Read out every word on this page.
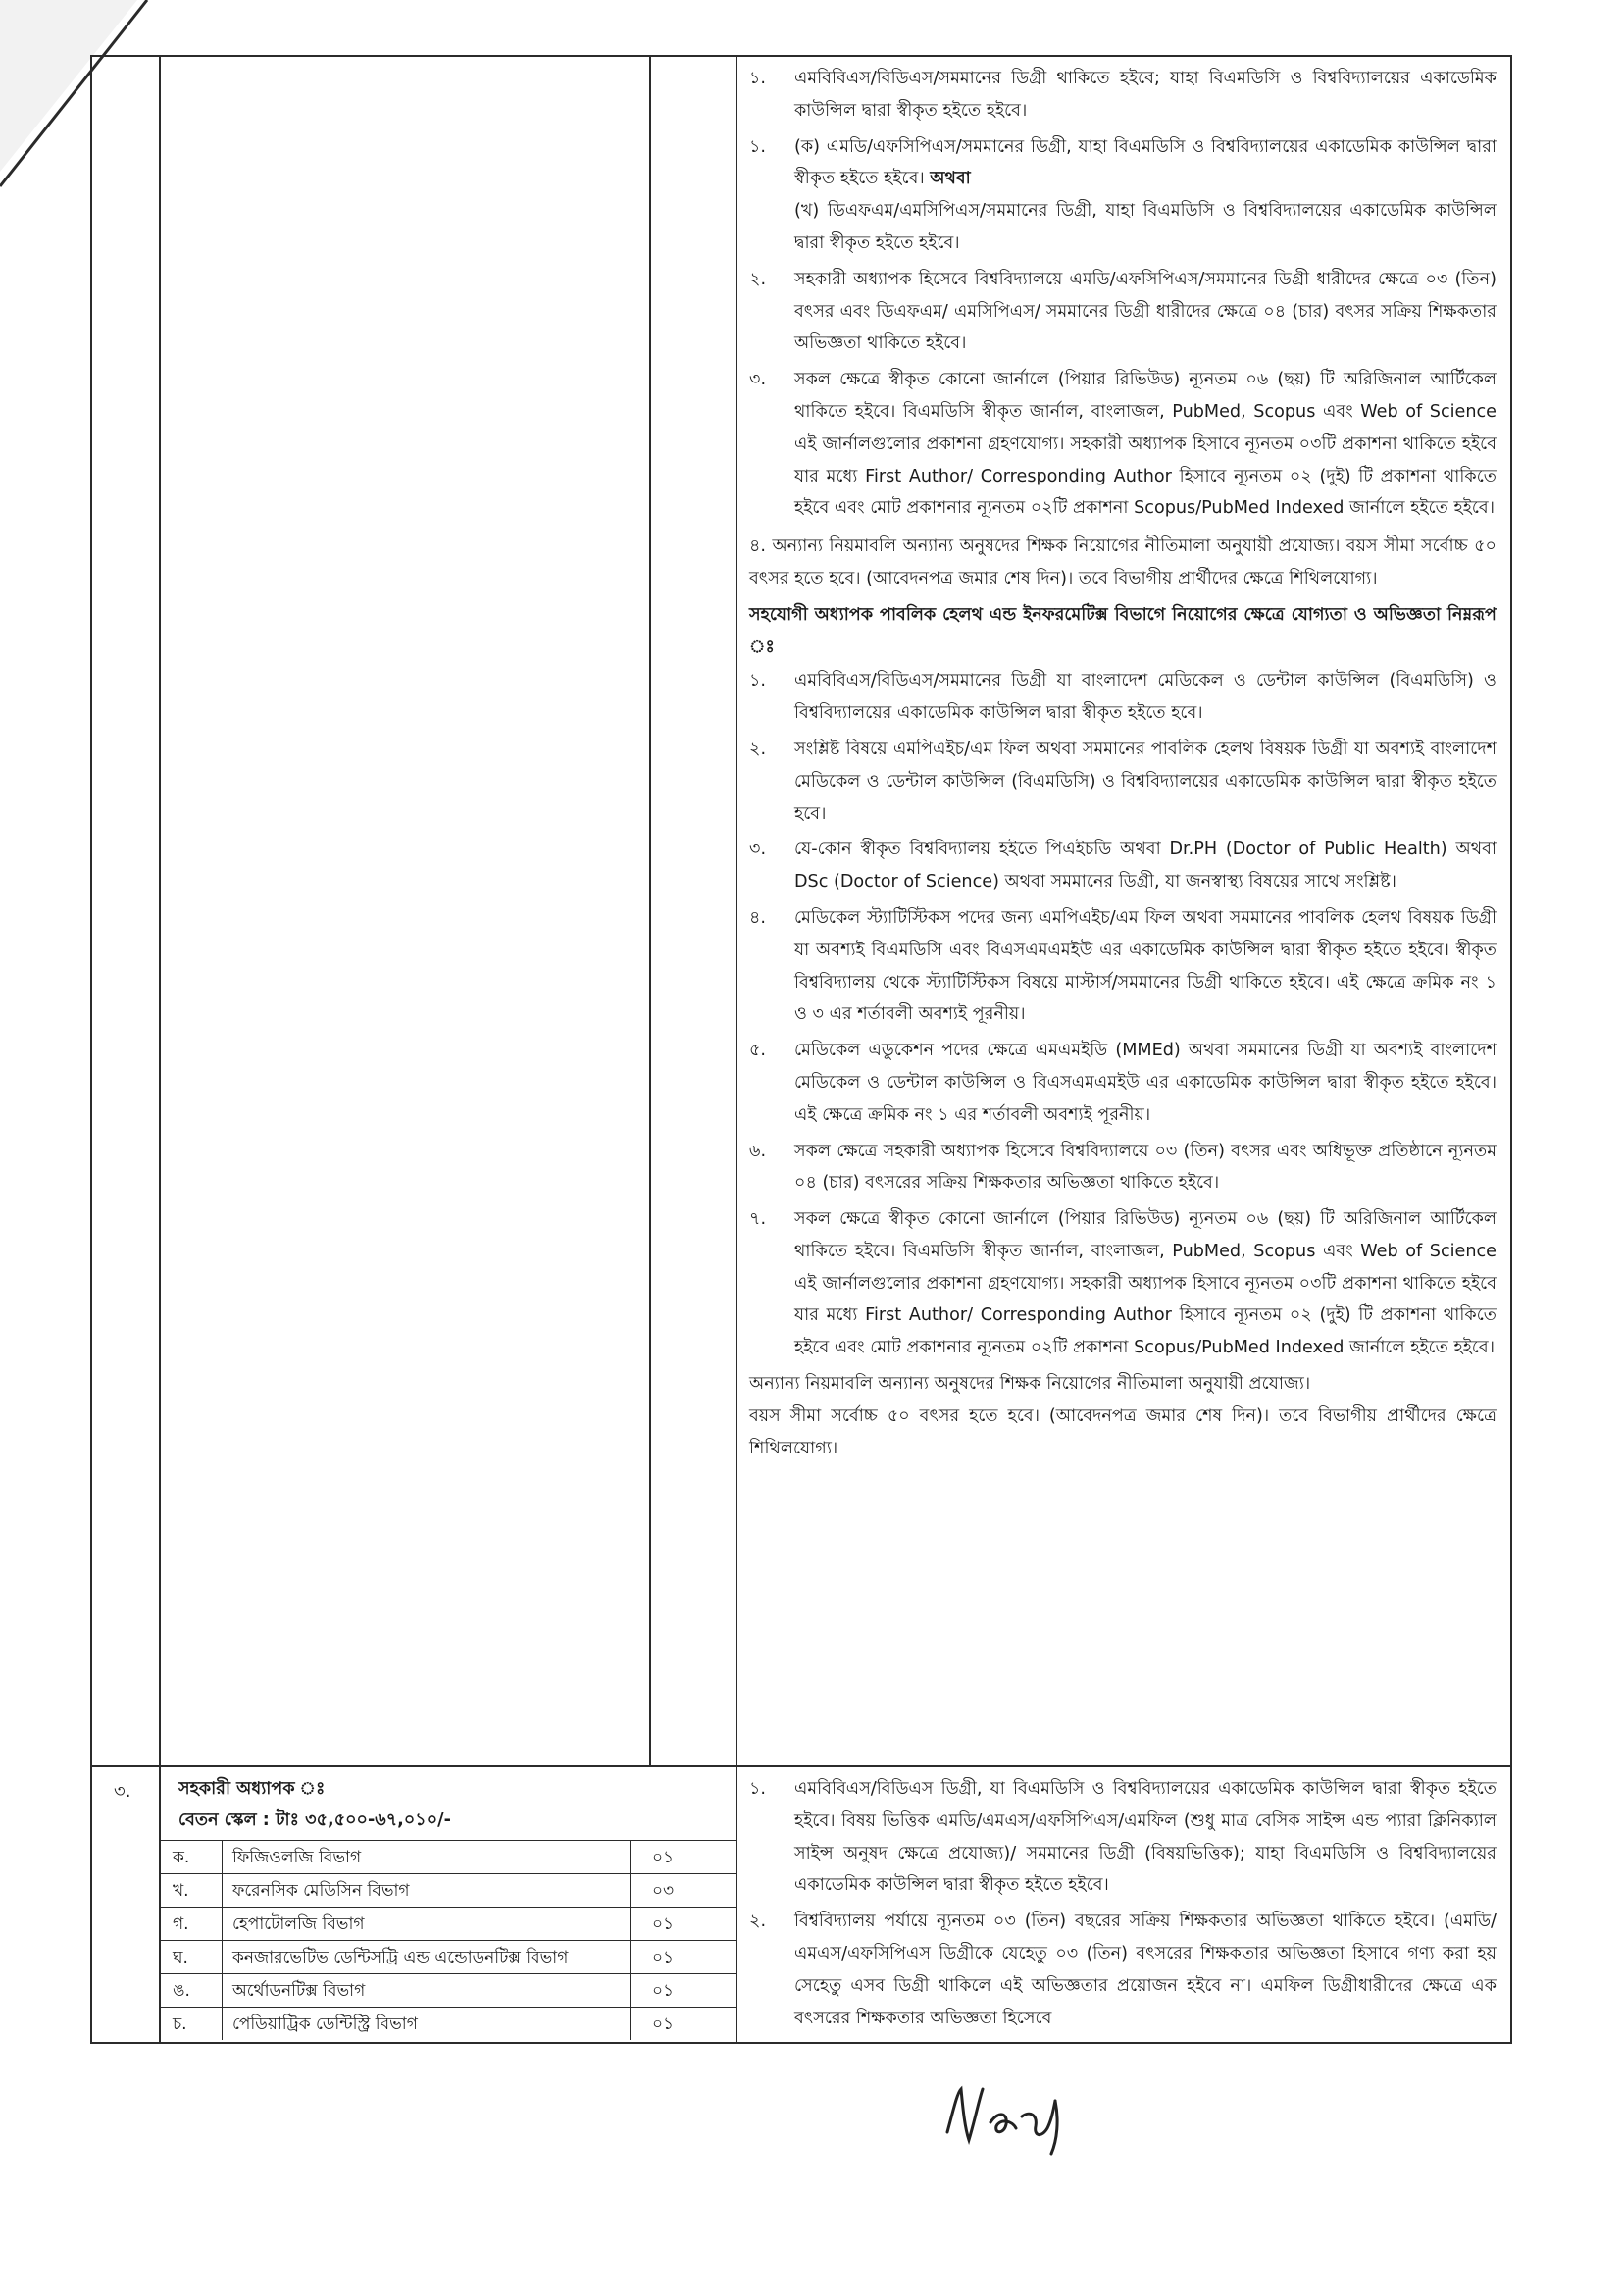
১.	এমবিবিএস/বিডিএস/সমমানের ডিগ্রী থাকিতে হইবে; যাহা বিএমডিসি ও বিশ্ববিদ্যালয়ের একাডেমিক কাউন্সিল দ্বারা স্বীকৃত হইতে হইবে।
১.	(ক) এমডি/এফসিপিএস/সমমানের ডিগ্রী, যাহা বিএমডিসি ও বিশ্ববিদ্যালয়ের একাডেমিক কাউন্সিল দ্বারা স্বীকৃত হইতে হইবে। অথবা
(খ) ডিএফএম/এমসিপিএস/সমমানের ডিগ্রী, যাহা বিএমডিসি ও বিশ্ববিদ্যালয়ের একাডেমিক কাউন্সিল দ্বারা স্বীকৃত হইতে হইবে।
২.	সহকারী অধ্যাপক হিসেবে বিশ্ববিদ্যালয়ে এমডি/এফসিপিএস/সমমানের ডিগ্রী ধারীদের ক্ষেত্রে ০৩ (তিন) বৎসর এবং ডিএফএম/ এমসিপিএস/ সমমানের ডিগ্রী ধারীদের ক্ষেত্রে ০৪ (চার) বৎসর সক্রিয় শিক্ষকতার অভিজ্ঞতা থাকিতে হইবে।
৩.	সকল ক্ষেত্রে স্বীকৃত কোনো জার্নালে (পিয়ার রিভিউড) ন্যূনতম ০৬ (ছয়) টি অরিজিনাল আর্টিকেল থাকিতে হইবে। বিএমডিসি স্বীকৃত জার্নাল, বাংলাজল, PubMed, Scopus এবং Web of Science এই জার্নালগুলোর প্রকাশনা গ্রহণযোগ্য। সহকারী অধ্যাপক হিসাবে ন্যূনতম ০৩টি প্রকাশনা থাকিতে হইবে যার মধ্যে First Author/ Corresponding Author হিসাবে ন্যূনতম ০২ (দুই) টি প্রকাশনা থাকিতে হইবে এবং মোট প্রকাশনার ন্যূনতম ০২টি প্রকাশনা Scopus/PubMed Indexed জার্নালে হইতে হইবে।
৪. অন্যান্য নিয়মাবলি অন্যান্য অনুষদের শিক্ষক নিয়োগের নীতিমালা অনুযায়ী প্রযোজ্য। বয়স সীমা সর্বোচ্চ ৫০ বৎসর হতে হবে। (আবেদনপত্র জমার শেষ দিন)। তবে বিভাগীয় প্রার্থীদের ক্ষেত্রে শিথিলযোগ্য।
সহযোগী অধ্যাপক পাবলিক হেলথ এন্ড ইনফরমেটিক্স বিভাগে নিয়োগের ক্ষেত্রে যোগ্যতা ও অভিজ্ঞতা নিম্নরূপ ঃ
১.	এমবিবিএস/বিডিএস/সমমানের ডিগ্রী যা বাংলাদেশ মেডিকেল ও ডেন্টাল কাউন্সিল (বিএমডিসি) ও বিশ্ববিদ্যালয়ের একাডেমিক কাউন্সিল দ্বারা স্বীকৃত হইতে হবে।
২.	সংশ্লিষ্ট বিষয়ে এমপিএইচ/এম ফিল অথবা সমমানের পাবলিক হেলথ বিষয়ক ডিগ্রী যা অবশ্যই বাংলাদেশ মেডিকেল ও ডেন্টাল কাউন্সিল (বিএমডিসি) ও বিশ্ববিদ্যালয়ের একাডেমিক কাউন্সিল দ্বারা স্বীকৃত হইতে হবে।
৩.	যে-কোন স্বীকৃত বিশ্ববিদ্যালয় হইতে পিএইচডি অথবা Dr.PH (Doctor of Public Health) অথবা DSc (Doctor of Science) অথবা সমমানের ডিগ্রী, যা জনস্বাস্থ্য বিষয়ের সাথে সংশ্লিষ্ট।
৪.	মেডিকেল স্ট্যাটিস্টিকস পদের জন্য এমপিএইচ/এম ফিল অথবা সমমানের পাবলিক হেলথ বিষয়ক ডিগ্রী যা অবশ্যই বিএমডিসি এবং বিএসএমএমইউ এর একাডেমিক কাউন্সিল দ্বারা স্বীকৃত হইতে হইবে। স্বীকৃত বিশ্ববিদ্যালয় থেকে স্ট্যাটিস্টিকস বিষয়ে মাস্টার্স/সমমানের ডিগ্রী থাকিতে হইবে। এই ক্ষেত্রে ক্রমিক নং ১ ও ৩ এর শর্তাবলী অবশ্যই পূরনীয়।
৫.	মেডিকেল এডুকেশন পদের ক্ষেত্রে এমএমইডি (MMEd) অথবা সমমানের ডিগ্রী যা অবশ্যই বাংলাদেশ মেডিকেল ও ডেন্টাল কাউন্সিল ও বিএসএমএমইউ এর একাডেমিক কাউন্সিল দ্বারা স্বীকৃত হইতে হইবে। এই ক্ষেত্রে ক্রমিক নং ১ এর শর্তাবলী অবশ্যই পূরনীয়।
৬.	সকল ক্ষেত্রে সহকারী অধ্যাপক হিসেবে বিশ্ববিদ্যালয়ে ০৩ (তিন) বৎসর এবং অধিভূক্ত প্রতিষ্ঠানে ন্যূনতম ০৪ (চার) বৎসরের সক্রিয় শিক্ষকতার অভিজ্ঞতা থাকিতে হইবে।
৭.	সকল ক্ষেত্রে স্বীকৃত কোনো জার্নালে (পিয়ার রিভিউড) ন্যূনতম ০৬ (ছয়) টি অরিজিনাল আর্টিকেল থাকিতে হইবে। বিএমডিসি স্বীকৃত জার্নাল, বাংলাজল, PubMed, Scopus এবং Web of Science এই জার্নালগুলোর প্রকাশনা গ্রহণযোগ্য। সহকারী অধ্যাপক হিসাবে ন্যূনতম ০৩টি প্রকাশনা থাকিতে হইবে যার মধ্যে First Author/ Corresponding Author হিসাবে ন্যূনতম ০২ (দুই) টি প্রকাশনা থাকিতে হইবে এবং মোট প্রকাশনার ন্যূনতম ০২টি প্রকাশনা Scopus/PubMed Indexed জার্নালে হইতে হইবে।
অন্যান্য নিয়মাবলি অন্যান্য অনুষদের শিক্ষক নিয়োগের নীতিমালা অনুযায়ী প্রযোজ্য।
বয়স সীমা সর্বোচ্চ ৫০ বৎসর হতে হবে। (আবেদনপত্র জমার শেষ দিন)। তবে বিভাগীয় প্রার্থীদের ক্ষেত্রে শিথিলযোগ্য।

৩.	সহকারী অধ্যাপক ঃ
বেতন স্কেল : টাঃ ৩৫,৫০০-৬৭,০১০/-
ক.	ফিজিওলজি বিভাগ	০১
খ.	ফরেনসিক মেডিসিন বিভাগ	০৩
গ.	হেপাটোলজি বিভাগ	০১
ঘ.	কনজারভেটিভ ডেন্টিসট্রি এন্ড এন্ডোডনটিক্স বিভাগ	০১
ঙ.	অর্থোডনটিক্স বিভাগ	০১
চ.	পেডিয়াট্রিক ডেন্টিস্ট্রি বিভাগ	০১

১.	এমবিবিএস/বিডিএস ডিগ্রী, যা বিএমডিসি ও বিশ্ববিদ্যালয়ের একাডেমিক কাউন্সিল দ্বারা স্বীকৃত হইতে হইবে। বিষয় ভিত্তিক এমডি/এমএস/এফসিপিএস/এমফিল (শুধু মাত্র বেসিক সাইন্স এন্ড প্যারা ক্লিনিক্যাল সাইন্স অনুষদ ক্ষেত্রে প্রযোজ্য)/ সমমানের ডিগ্রী (বিষয়ভিত্তিক); যাহা বিএমডিসি ও বিশ্ববিদ্যালয়ের একাডেমিক কাউন্সিল দ্বারা স্বীকৃত হইতে হইবে।
২.	বিশ্ববিদ্যালয় পর্যায়ে ন্যূনতম ০৩ (তিন) বছরের সক্রিয় শিক্ষকতার অভিজ্ঞতা থাকিতে হইবে। (এমডি/এমএস/এফসিপিএস ডিগ্রীকে যেহেতু ০৩ (তিন) বৎসরের শিক্ষকতার অভিজ্ঞতা হিসাবে গণ্য করা হয় সেহেতু এসব ডিগ্রী থাকিলে এই অভিজ্ঞতার প্রয়োজন হইবে না। এমফিল ডিগ্রীধারীদের ক্ষেত্রে এক বৎসরের শিক্ষকতার অভিজ্ঞতা হিসেবে
